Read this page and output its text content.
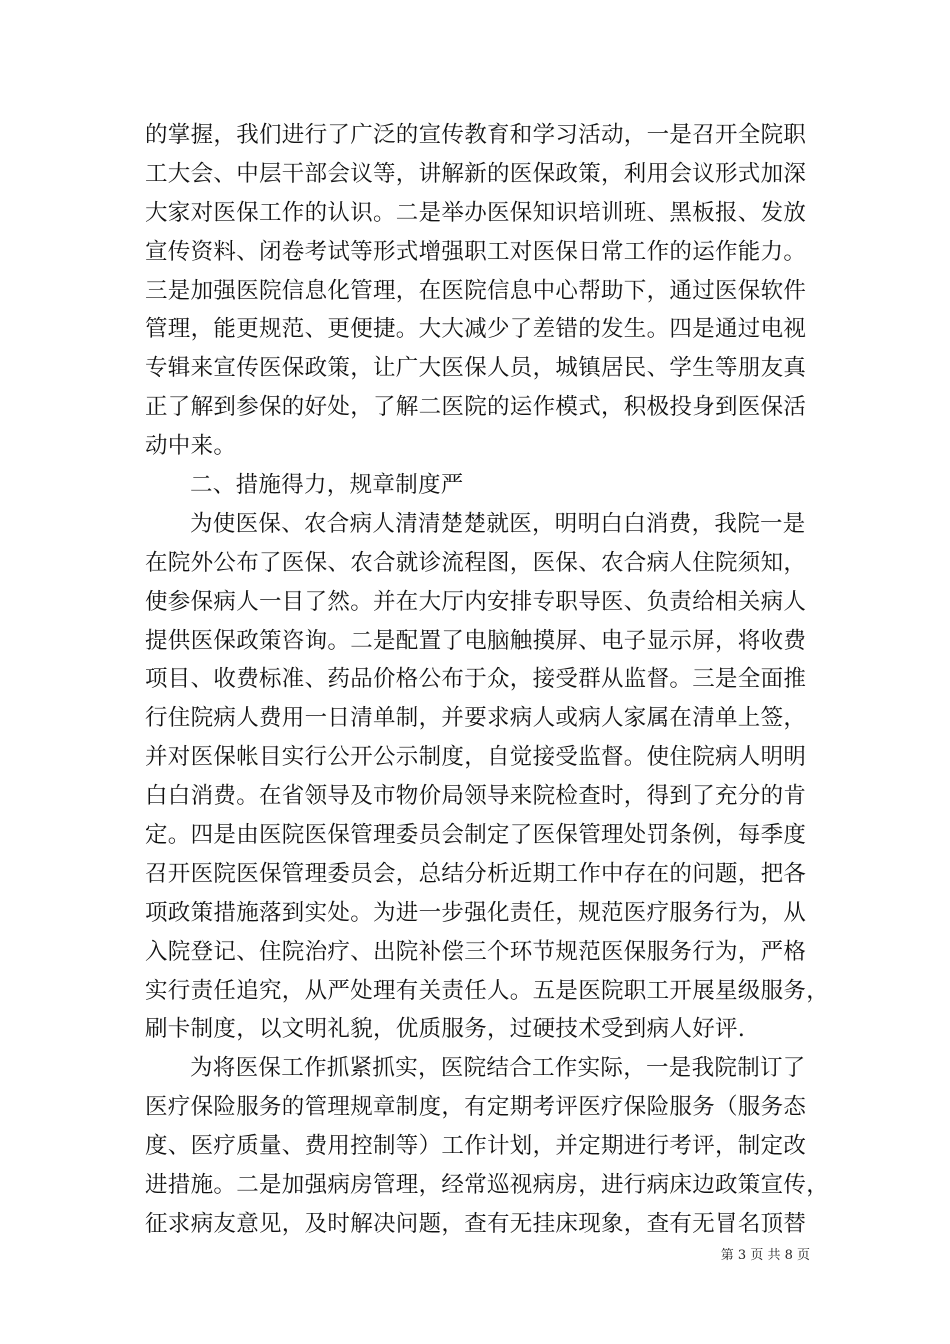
的掌握，我们进行了广泛的宣传教育和学习活动，一是召开全院职
工大会、中层干部会议等，讲解新的医保政策，利用会议形式加深
大家对医保工作的认识。二是举办医保知识培训班、黑板报、发放
宣传资料、闭卷考试等形式增强职工对医保日常工作的运作能力。
三是加强医院信息化管理，在医院信息中心帮助下，通过医保软件
管理，能更规范、更便捷。大大减少了差错的发生。四是通过电视
专辑来宣传医保政策，让广大医保人员，城镇居民、学生等朋友真
正了解到参保的好处，了解二医院的运作模式，积极投身到医保活
动中来。
二、措施得力，规章制度严
为使医保、农合病人清清楚楚就医，明明白白消费，我院一是
在院外公布了医保、农合就诊流程图，医保、农合病人住院须知，
使参保病人一目了然。并在大厅内安排专职导医、负责给相关病人
提供医保政策咨询。二是配置了电脑触摸屏、电子显示屏，将收费
项目、收费标准、药品价格公布于众，接受群从监督。三是全面推
行住院病人费用一日清单制，并要求病人或病人家属在清单上签，
并对医保帐目实行公开公示制度，自觉接受监督。使住院病人明明
白白消费。在省领导及市物价局领导来院检查时，得到了充分的肯
定。四是由医院医保管理委员会制定了医保管理处罚条例，每季度
召开医院医保管理委员会，总结分析近期工作中存在的问题，把各
项政策措施落到实处。为进一步强化责任，规范医疗服务行为，从
入院登记、住院治疗、出院补偿三个环节规范医保服务行为，严格
实行责任追究，从严处理有关责任人。五是医院职工开展星级服务，
刷卡制度，以文明礼貌，优质服务，过硬技术受到病人好评.
为将医保工作抓紧抓实，医院结合工作实际，一是我院制订了
医疗保险服务的管理规章制度，有定期考评医疗保险服务（服务态
度、医疗质量、费用控制等）工作计划，并定期进行考评，制定改
进措施。二是加强病房管理，经常巡视病房，进行病床边政策宣传，
征求病友意见，及时解决问题，查有无挂床现象，查有无冒名顶替
第 3 页 共 8 页
